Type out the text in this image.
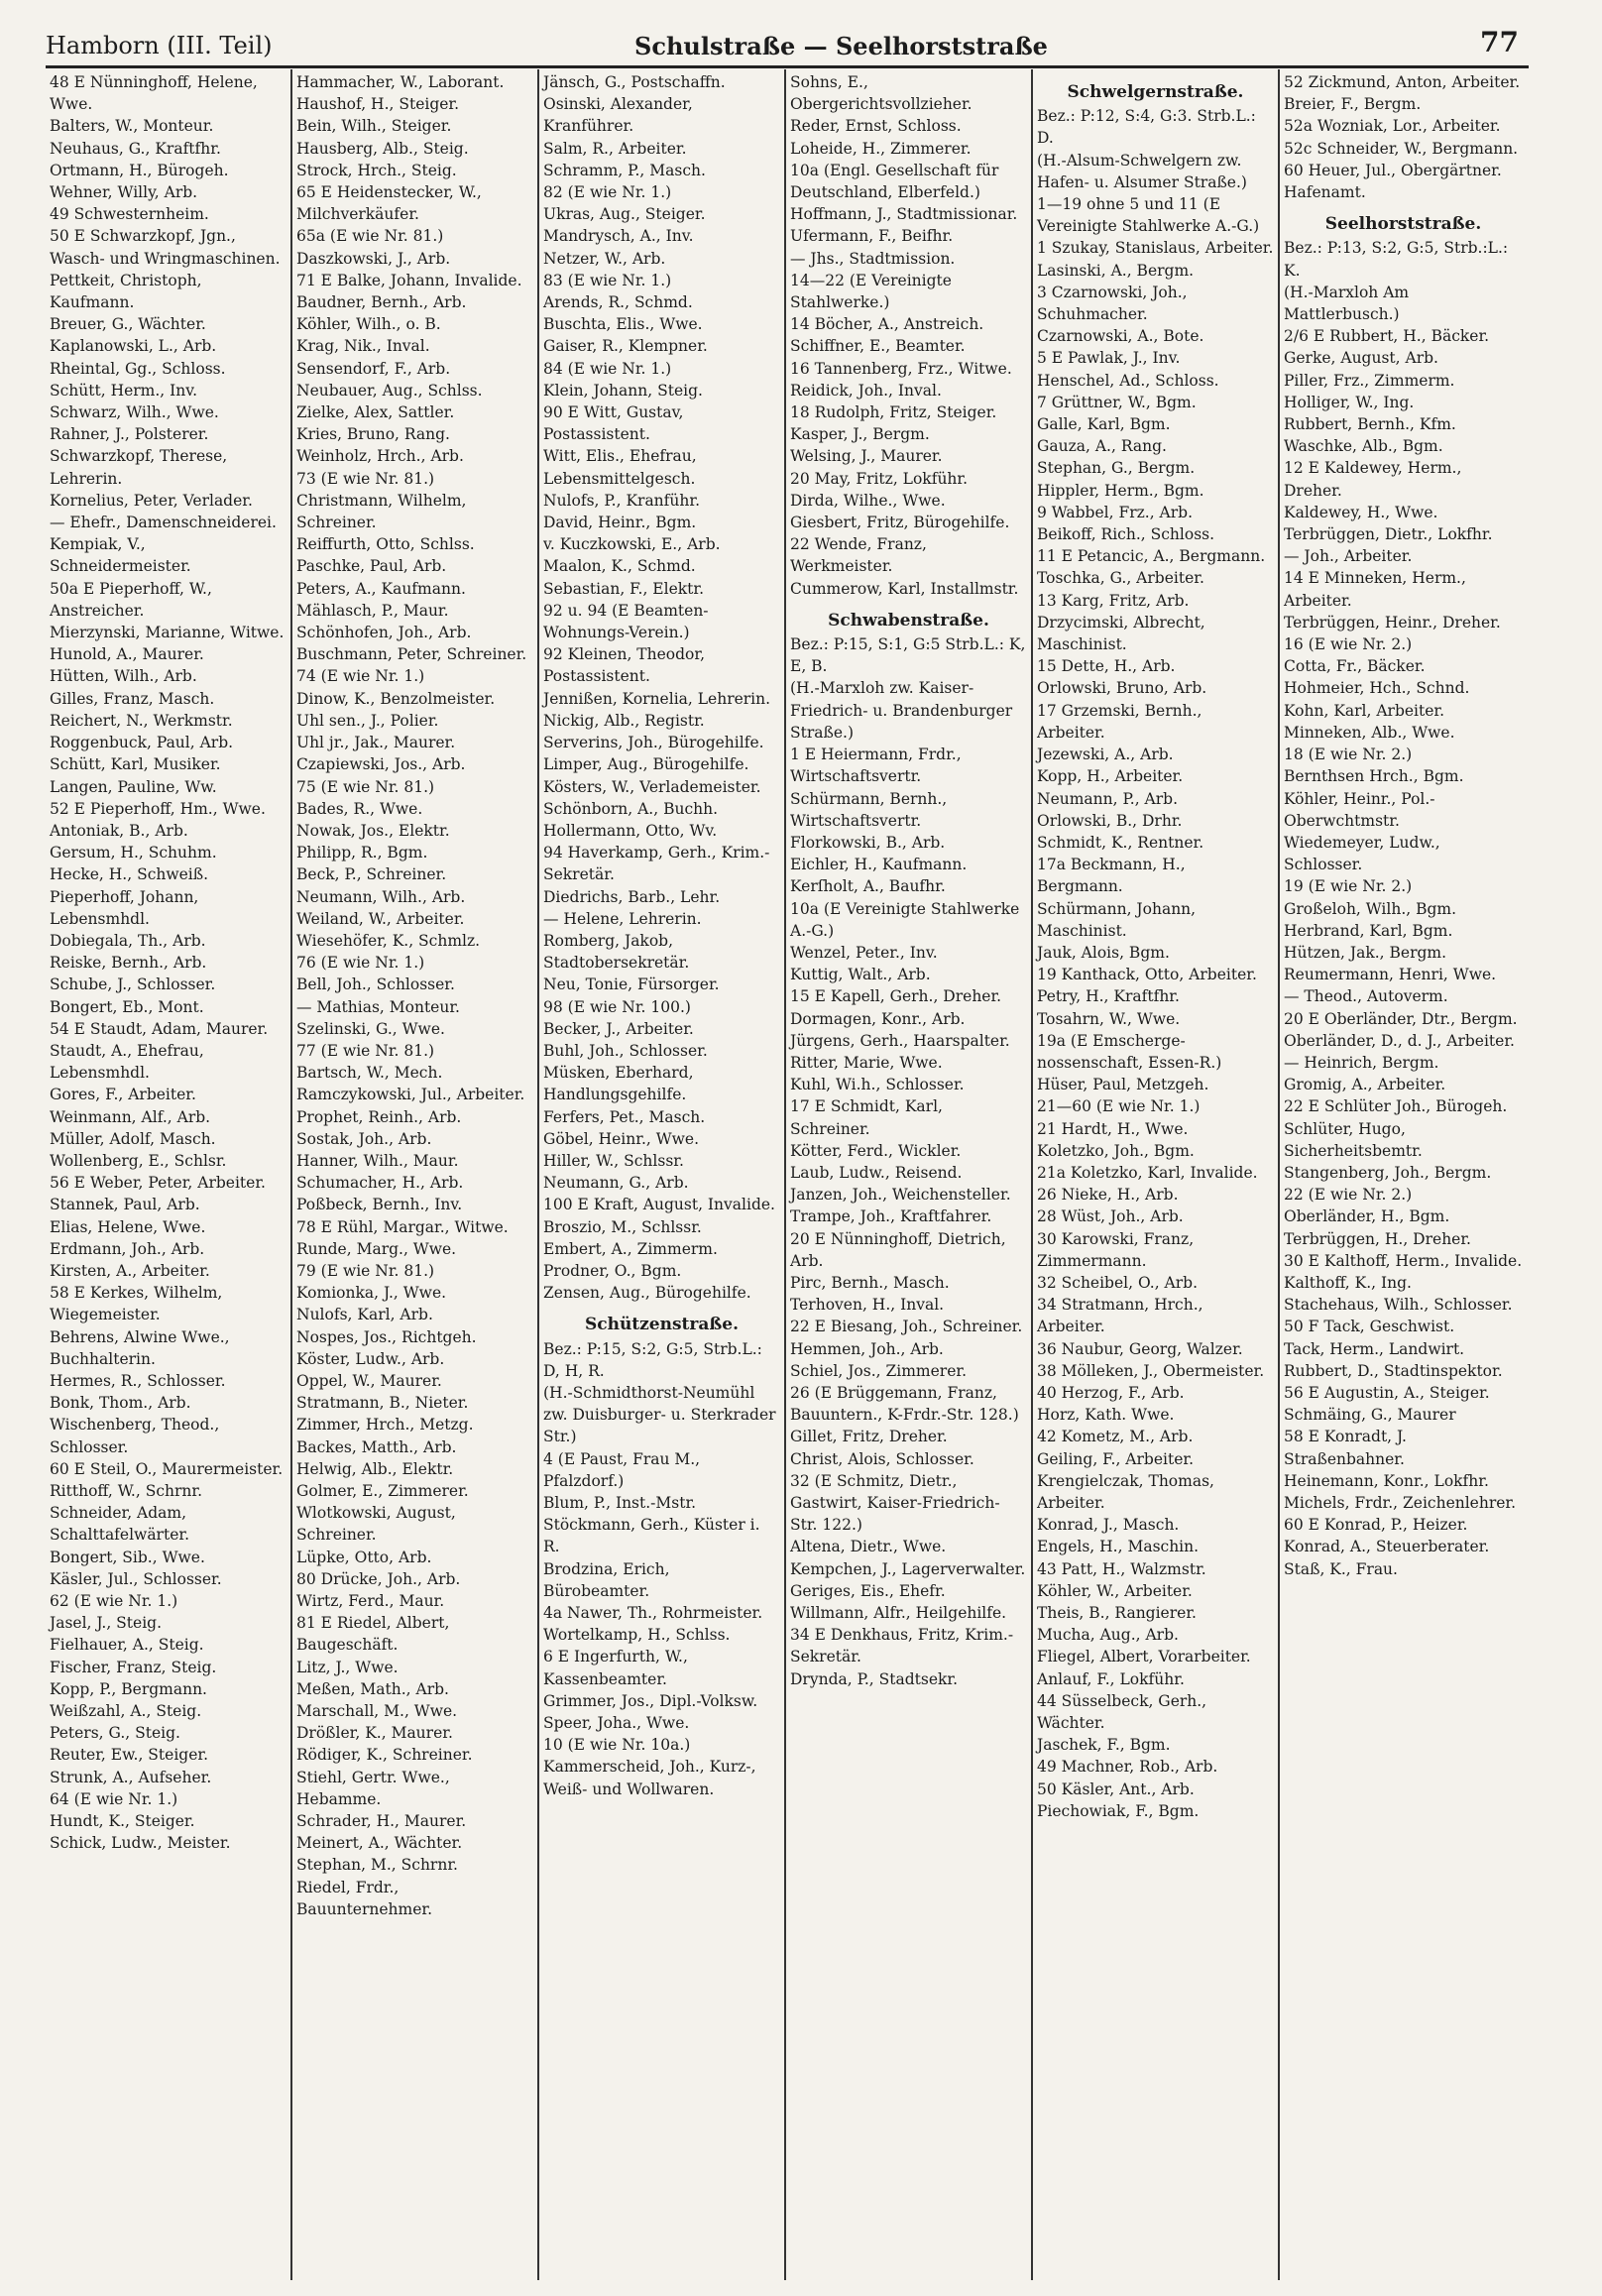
Hamborn (III. Teil)	Schulstraße — Seelhorststraße	77
48 E Nünninghoff, Helene, Wwe.
Balters, W., Monteur.
Neuhaus, G., Kraftfhr.
Ortmann, H., Bürogeh.
Wehner, Willy, Arb.
49 Schwesternheim.
50 E Schwarzkopf, Jgn., Wasch- und Wringmaschinen.
Pettkeit, Christoph, Kaufmann.
Breuer, G., Wächter.
Kaplanowski, L., Arb.
Rheintal, Gg., Schloss.
Schütt, Herm., Inv.
Schwarz, Wilh., Wwe.
Rahner, J., Polsterer.
Schwarzkopf, Therese, Lehrerin.
Kornelius, Peter, Verlader.
— Ehefr., Damenschneiderei.
Kempiak, V., Schneidermeister.
50a E Pieperhoff, W., Anstreicher.
Mierzynski, Marianne, Witwe.
Hunold, A., Maurer.
Hütten, Wilh., Arb.
Gilles, Franz, Masch.
Reichert, N., Werkmstr.
Roggenbuck, Paul, Arb.
Schütt, Karl, Musiker.
Langen, Pauline, Ww.
52 E Pieperhoff, Hm., Wwe.
Antoniak, B., Arb.
Gersum, H., Schuhm.
Hecke, H., Schweiß.
Pieperhoff, Johann, Lebensmhdl.
Dobiegala, Th., Arb.
Reiske, Bernh., Arb.
Schube, J., Schlosser.
Bongert, Eb., Mont.
54 E Staudt, Adam, Maurer.
Staudt, A., Ehefrau, Lebensmhdl.
Gores, F., Arbeiter.
Weinmann, Alf., Arb.
Müller, Adolf, Masch.
Wollenberg, E., Schlsr.
56 E Weber, Peter, Arbeiter.
Stannek, Paul, Arb.
Elias, Helene, Wwe.
Erdmann, Joh., Arb.
Kirsten, A., Arbeiter.
58 E Kerkes, Wilhelm, Wiegemeister.
Behrens, Alwine Wwe., Buchhalterin.
Hermes, R., Schlosser.
Bonk, Thom., Arb.
Wischenberg, Theod., Schlosser.
60 E Steil, O., Maurermeister.
Ritthoff, W., Schrnr.
Schneider, Adam, Schalttafelwärter.
Bongert, Sib., Wwe.
Käsler, Jul., Schlosser.
62 (E wie Nr. 1.)
Jasel, J., Steig.
Fielhauer, A., Steig.
Fischer, Franz, Steig.
Kopp, P., Bergmann.
Weißzahl, A., Steig.
Peters, G., Steig.
Reuter, Ew., Steiger.
Strunk, A., Aufseher.
64 (E wie Nr. 1.)
Hundt, K., Steiger.
Schick, Ludw., Meister.
Hammacher, W., Laborant.
Haushof, H., Steiger.
Bein, Wilh., Steiger.
Hausberg, Alb., Steig.
Strock, Hrch., Steig.
65 E Heidenstecker, W., Milchverkäufer.
65a (E wie Nr. 81.)
Daszkowski, J., Arb.
71 E Balke, Johann, Invalide.
Baudner, Bernh., Arb.
Köhler, Wilh., o. B.
Krag, Nik., Inval.
Sensendorf, F., Arb.
Neubauer, Aug., Schlss.
Zielke, Alex, Sattler.
Kries, Bruno, Rang.
Weinholz, Hrch., Arb.
73 (E wie Nr. 81.)
Christmann, Wilhelm, Schreiner.
Reiffurth, Otto, Schlss.
Paschke, Paul, Arb.
Peters, A., Kaufmann.
Mählasch, P., Maur.
Schönhofen, Joh., Arb.
Buschmann, Peter, Schreiner.
74 (E wie Nr. 1.)
Dinow, K., Benzolmeister.
Uhl sen., J., Polier.
Uhl jr., Jak., Maurer.
Czapiewski, Jos., Arb.
75 (E wie Nr. 81.)
Bades, R., Wwe.
Nowak, Jos., Elektr.
Philipp, R., Bgm.
Beck, P., Schreiner.
Neumann, Wilh., Arb.
Weiland, W., Arbeiter.
Wiesehöfer, K., Schmlz.
76 (E wie Nr. 1.)
Bell, Joh., Schlosser.
— Mathias, Monteur.
Szelinski, G., Wwe.
77 (E wie Nr. 81.)
Bartsch, W., Mech.
Ramczykowski, Jul., Arbeiter.
Prophet, Reinh., Arb.
Sostak, Joh., Arb.
Hanner, Wilh., Maur.
Schumacher, H., Arb.
Poßbeck, Bernh., Inv.
78 E Rühl, Margar., Witwe.
Runde, Marg., Wwe.
79 (E wie Nr. 81.)
Komionka, J., Wwe.
Nulofs, Karl, Arb.
Nospes, Jos., Richtgeh.
Köster, Ludw., Arb.
Oppel, W., Maurer.
Stratmann, B., Nieter.
Zimmer, Hrch., Metzg.
Backes, Matth., Arb.
Helwig, Alb., Elektr.
Golmer, E., Zimmerer.
Wlotkowski, August, Schreiner.
Lüpke, Otto, Arb.
80 Drücke, Joh., Arb.
Wirtz, Ferd., Maur.
81 E Riedel, Albert, Baugeschäft.
Litz, J., Wwe.
Meßen, Math., Arb.
Marschall, M., Wwe.
Drößler, K., Maurer.
Rödiger, K., Schreiner.
Stiehl, Gertr. Wwe., Hebamme.
Schrader, H., Maurer.
Meinert, A., Wächter.
Stephan, M., Schrnr.
Riedel, Frdr., Bauunternehmer.
Jänsch, G., Postschaffn.
Osinski, Alexander, Kranführer.
Salm, R., Arbeiter.
Schramm, P., Masch.
82 (E wie Nr. 1.)
Ukras, Aug., Steiger.
Mandrysch, A., Inv.
Netzer, W., Arb.
83 (E wie Nr. 1.)
Arends, R., Schmd.
Buschta, Elis., Wwe.
Gaiser, R., Klempner.
84 (E wie Nr. 1.)
Klein, Johann, Steig.
90 E Witt, Gustav, Postassistent.
Witt, Elis., Ehefrau, Lebensmittelgesch.
Nulofs, P., Kranführ.
David, Heinr., Bgm.
v. Kuczkowski, E., Arb.
Maalon, K., Schmd.
Sebastian, F., Elektr.
92 u. 94 (E Beamten-Wohnungs-Verein.)
92 Kleinen, Theodor, Postassistent.
Jennißen, Kornelia, Lehrerin.
Nickig, Alb., Registr.
Serverins, Joh., Bürogehilfe.
Limper, Aug., Bürogehilfe.
Kösters, W., Verlademeister.
Schönborn, A., Buchh.
Hollermann, Otto, Wv.
94 Haverkamp, Gerh., Krim.-Sekretär.
Diedrichs, Barb., Lehr.
— Helene, Lehrerin.
Romberg, Jakob, Stadtobersekretär.
Neu, Tonie, Fürsorger.
98 (E wie Nr. 100.)
Becker, J., Arbeiter.
Buhl, Joh., Schlosser.
Müsken, Eberhard, Handlungsgehilfe.
Ferfers, Pet., Masch.
Göbel, Heinr., Wwe.
Hiller, W., Schlssr.
Neumann, G., Arb.
100 E Kraft, August, Invalide.
Broszio, M., Schlssr.
Embert, A., Zimmerm.
Prodner, O., Bgm.
Zensen, Aug., Bürogehilfe.
Schützenstraße.
Bez.: P:15, S:2, G:5, Strb.L.: D, H, R.
(H.-Schmidthorst-Neumühl zw. Duisburger- u. Sterkrader Str.)
4 (E Paust, Frau M., Pfalzdorf.)
Blum, P., Inst.-Mstr.
Stöckmann, Gerh., Küster i. R.
Brodzina, Erich, Bürobeamter.
4a Nawer, Th., Rohrmeister.
Wortelkamp, H., Schlss.
6 E Ingerfurth, W., Kassenbeamter.
Grimmer, Jos., Dipl.-Volksw.
Speer, Joha., Wwe.
10 (E wie Nr. 10a.)
Kammerscheid, Joh., Kurz-, Weiß- und Wollwaren.
Sohns, E., Obergerichtsvollzieher.
Reder, Ernst, Schloss.
Loheide, H., Zimmerer.
10a (Engl. Gesellschaft für Deutschland, Elberfeld.)
Hoffmann, J., Stadtmissionar.
Ufermann, F., Beifhr.
— Jhs., Stadtmission.
14—22 (E Vereinigte Stahlwerke.)
14 Böcher, A., Anstreich.
Schiffner, E., Beamter.
16 Tannenberg, Frz., Witwe.
Reidick, Joh., Inval.
18 Rudolph, Fritz, Steiger.
Kasper, J., Bergm.
Welsing, J., Maurer.
20 May, Fritz, Lokführ.
Dirda, Wilhe., Wwe.
Giesbert, Fritz, Bürogehilfe.
22 Wende, Franz, Werkmeister.
Cummerow, Karl, Installmstr.
Schwabenstraße.
Bez.: P:15, S:1, G:5 Strb.L.: K, E, B.
(H.-Marxloh zw. Kaiser-Friedrich- u. Brandenburger Straße.)
1 E Heiermann, Frdr., Wirtschaftsvertr.
Schürmann, Bernh., Wirtschaftsvertr.
Florkowski, B., Arb.
Eichler, H., Kaufmann.
Kerſholt, A., Baufhr.
10a (E Vereinigte Stahlwerke A.-G.)
Wenzel, Peter., Inv.
Kuttig, Walt., Arb.
15 E Kapell, Gerh., Dreher.
Dormagen, Konr., Arb.
Jürgens, Gerh., Haarspalter.
Ritter, Marie, Wwe.
Kuhl, Wi.h., Schlosser.
17 E Schmidt, Karl, Schreiner.
Kötter, Ferd., Wickler.
Laub, Ludw., Reisend.
Janzen, Joh., Weichensteller.
Trampe, Joh., Kraftfahrer.
20 E Nünninghoff, Dietrich, Arb.
Pirc, Bernh., Masch.
Terhoven, H., Inval.
22 E Biesang, Joh., Schreiner.
Hemmen, Joh., Arb.
Schiel, Jos., Zimmerer.
26 (E Brüggemann, Franz, Bauuntern., K-Frdr.-Str. 128.)
Gillet, Fritz, Dreher.
Christ, Alois, Schlosser.
32 (E Schmitz, Dietr., Gastwirt, Kaiser-Friedrich-Str. 122.)
Altena, Dietr., Wwe.
Kempchen, J., Lagerverwalter.
Geriges, Eis., Ehefr.
Willmann, Alfr., Heilgehilfe.
34 E Denkhaus, Fritz, Krim.-Sekretär.
Drynda, P., Stadtsekr.
Schwelgernstraße.
Bez.: P:12, S:4, G:3. Strb.L.: D.
(H.-Alsum-Schwelgern zw. Hafen- u. Alsumer Straße.)
1—19 ohne 5 und 11 (E Vereinigte Stahlwerke A.-G.)
1 Szukay, Stanislaus, Arbeiter.
Lasinski, A., Bergm.
3 Czarnowski, Joh., Schuhmacher.
Czarnowski, A., Bote.
5 E Pawlak, J., Inv.
Henschel, Ad., Schloss.
7 Grüttner, W., Bgm.
Galle, Karl, Bgm.
Gauza, A., Rang.
Stephan, G., Bergm.
Hippler, Herm., Bgm.
9 Wabbel, Frz., Arb.
Beikoff, Rich., Schloss.
11 E Petancic, A., Bergmann.
Toschka, G., Arbeiter.
13 Karg, Fritz, Arb.
Drzycimski, Albrecht, Maschinist.
15 Dette, H., Arb.
Orlowski, Bruno, Arb.
17 Grzemski, Bernh., Arbeiter.
Jezewski, A., Arb.
Kopp, H., Arbeiter.
Neumann, P., Arb.
Orlowski, B., Drhr.
Schmidt, K., Rentner.
17a Beckmann, H., Bergmann.
Schürmann, Johann, Maschinist.
Jauk, Alois, Bgm.
19 Kanthack, Otto, Arbeiter.
Petry, H., Kraftfhr.
Tosahrn, W., Wwe.
19a (E Emschergenossenschaft, Essen-R.)
Hüser, Paul, Metzgeh.
21—60 (E wie Nr. 1.)
21 Hardt, H., Wwe.
Koletzko, Joh., Bgm.
21a Koletzko, Karl, Invalide.
26 Nieke, H., Arb.
28 Wüst, Joh., Arb.
30 Karowski, Franz, Zimmermann.
32 Scheibel, O., Arb.
34 Stratmann, Hrch., Arbeiter.
36 Naubur, Georg, Walzer.
38 Mölleken, J., Obermeister.
40 Herzog, F., Arb.
Horz, Kath. Wwe.
42 Kometz, M., Arb.
Geiling, F., Arbeiter.
Krengielczak, Thomas, Arbeiter.
Konrad, J., Masch.
Engels, H., Maschin.
43 Patt, H., Walzmstr.
Köhler, W., Arbeiter.
Theis, B., Rangierer.
Mucha, Aug., Arb.
Fliegel, Albert, Vorarbeiter.
Anlauf, F., Lokführ.
44 Süsselbeck, Gerh., Wächter.
Jaschek, F., Bgm.
49 Machner, Rob., Arb.
50 Käsler, Ant., Arb.
Piechowiak, F., Bgm.
52 Zickmund, Anton, Arbeiter.
Breier, F., Bergm.
52a Wozniak, Lor., Arbeiter.
52c Schneider, W., Bergmann.
60 Heuer, Jul., Obergärtner.
Hafenamt.
Seelhorststraße.
Bez.: P:13, S:2, G:5, Strb.:L.: K.
(H.-Marxloh Am Mattlerbusch.)
2/6 E Rubbert, H., Bäcker.
Gerke, August, Arb.
Piller, Frz., Zimmerm.
Holliger, W., Ing.
Rubbert, Bernh., Kfm.
Waschke, Alb., Bgm.
12 E Kaldewey, Herm., Dreher.
Kaldewey, H., Wwe.
Terbrüggen, Dietr., Lokfhr.
— Joh., Arbeiter.
14 E Minneken, Herm., Arbeiter.
Terbrüggen, Heinr., Dreher.
16 (E wie Nr. 2.)
Cotta, Fr., Bäcker.
Hohmeier, Hch., Schnd.
Kohn, Karl, Arbeiter.
Minneken, Alb., Wwe.
18 (E wie Nr. 2.)
Bernthsen Hrch., Bgm.
Köhler, Heinr., Pol.-Oberwchtmstr.
Wiedemeyer, Ludw., Schlosser.
19 (E wie Nr. 2.)
Großeloh, Wilh., Bgm.
Herbrand, Karl, Bgm.
Hützen, Jak., Bergm.
Reumermann, Henri, Wwe.
— Theod., Autoverm.
20 E Oberländer, Dtr., Bergm.
Oberländer, D., d. J., Arbeiter.
— Heinrich, Bergm.
Gromig, A., Arbeiter.
22 E Schlüter Joh., Bürogeh.
Schlüter, Hugo, Sicherheitsbemtr.
Stangenberg, Joh., Bergm.
22 (E wie Nr. 2.)
Oberländer, H., Bgm.
Terbrüggen, H., Dreher.
30 E Kalthoff, Herm., Invalide.
Kalthoff, K., Ing.
Stachehaus, Wilh., Schlosser.
50 F Tack, Geschwist.
Tack, Herm., Landwirt.
Rubbert, D., Stadtinspektor.
56 E Augustin, A., Steiger.
Schmäing, G., Maurer
58 E Konradt, J. Straßenbahner.
Heinemann, Konr., Lokfhr.
Michels, Frdr., Zeichenlehrer.
60 E Konrad, P., Heizer.
Konrad, A., Steuerberater.
Staß, K., Frau.
